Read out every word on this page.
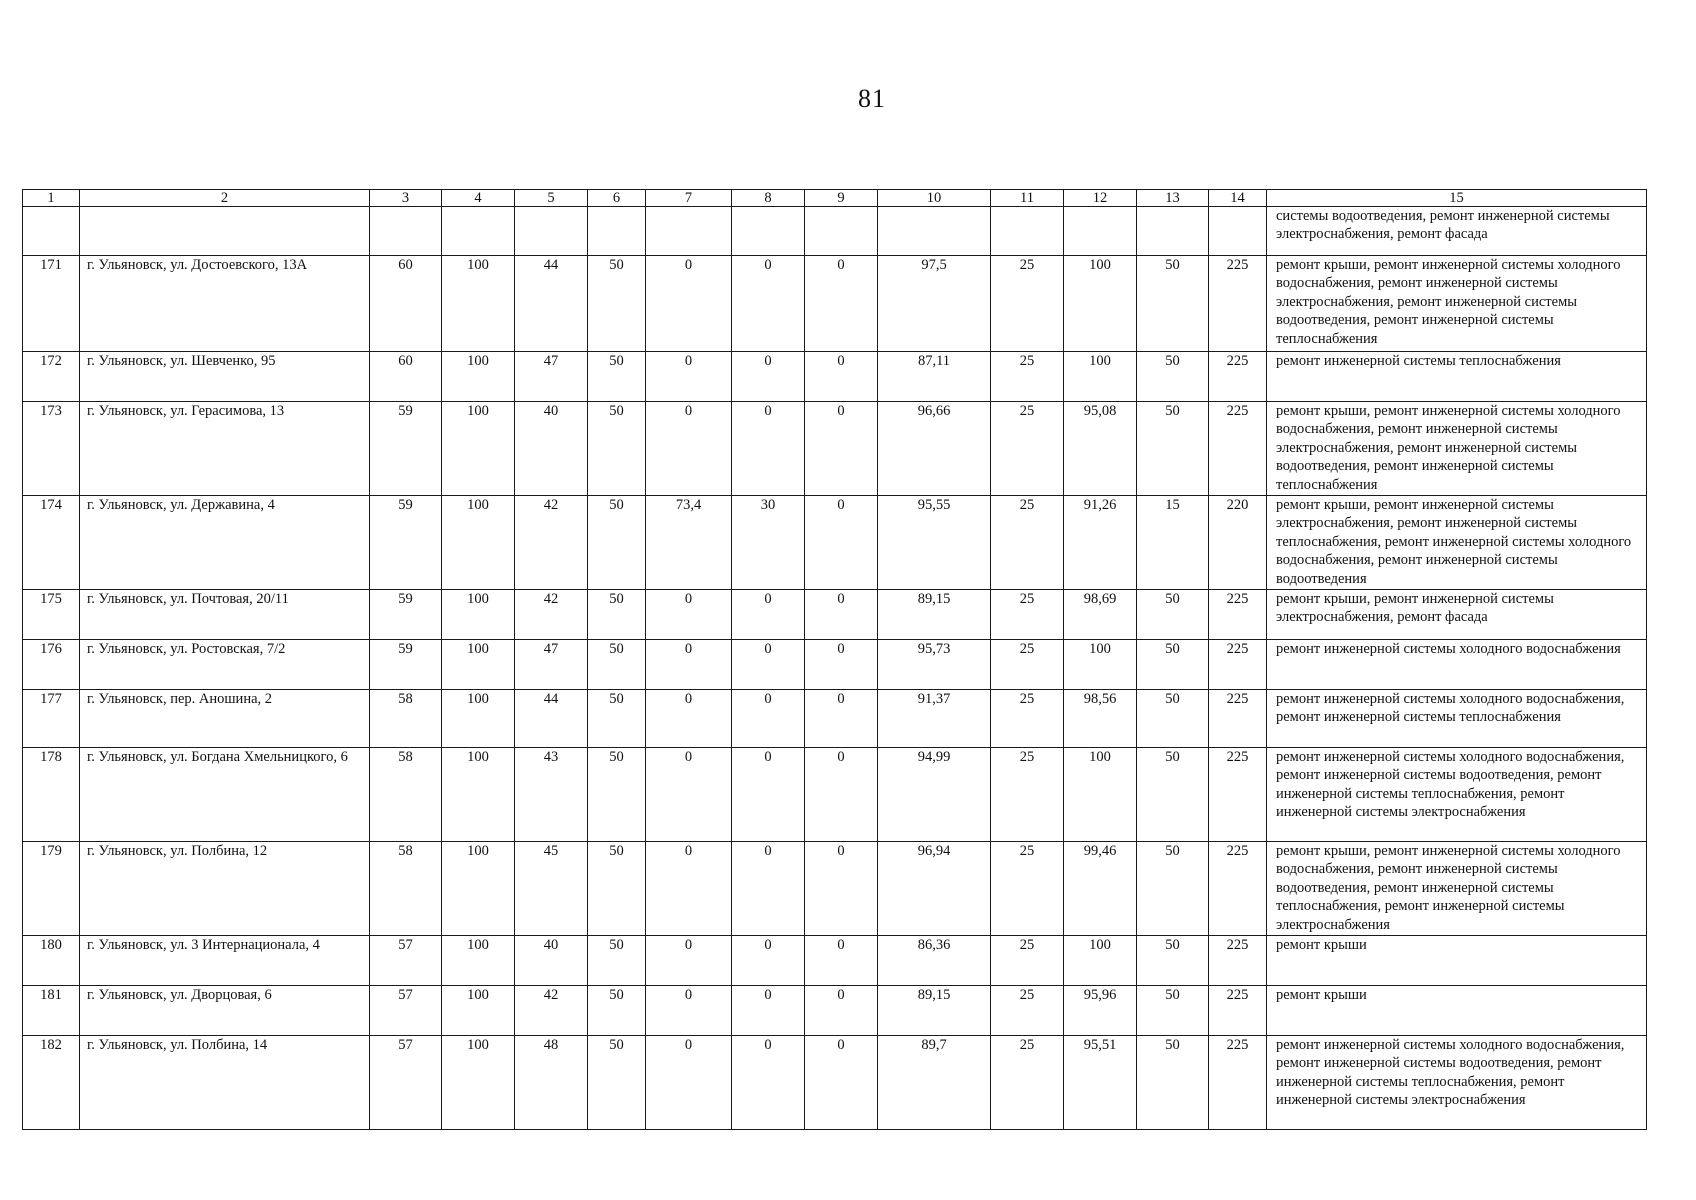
81
1	2	3	4	5	6	7	8	9	10	11	12	13	14	15
														системы водоотведения, ремонт инженерной системы электроснабжения, ремонт фасада
171	г. Ульяновск, ул. Достоевского, 13А	60	100	44	50	0	0	0	97,5	25	100	50	225	ремонт крыши, ремонт инженерной системы холодного водоснабжения, ремонт инженерной системы электроснабжения, ремонт инженерной системы водоотведения, ремонт инженерной системы теплоснабжения
172	г. Ульяновск, ул. Шевченко, 95	60	100	47	50	0	0	0	87,11	25	100	50	225	ремонт инженерной системы теплоснабжения
173	г. Ульяновск, ул. Герасимова, 13	59	100	40	50	0	0	0	96,66	25	95,08	50	225	ремонт крыши, ремонт инженерной системы холодного водоснабжения, ремонт инженерной системы электроснабжения, ремонт инженерной системы водоотведения, ремонт инженерной системы теплоснабжения
174	г. Ульяновск, ул. Державина, 4	59	100	42	50	73,4	30	0	95,55	25	91,26	15	220	ремонт крыши, ремонт инженерной системы электроснабжения, ремонт инженерной системы теплоснабжения, ремонт инженерной системы холодного водоснабжения, ремонт инженерной системы водоотведения
175	г. Ульяновск, ул. Почтовая, 20/11	59	100	42	50	0	0	0	89,15	25	98,69	50	225	ремонт крыши, ремонт инженерной системы электроснабжения, ремонт фасада
176	г. Ульяновск, ул. Ростовская, 7/2	59	100	47	50	0	0	0	95,73	25	100	50	225	ремонт инженерной системы холодного водоснабжения
177	г. Ульяновск, пер. Аношина, 2	58	100	44	50	0	0	0	91,37	25	98,56	50	225	ремонт инженерной системы холодного водоснабжения, ремонт инженерной системы теплоснабжения
178	г. Ульяновск, ул. Богдана Хмельницкого, 6	58	100	43	50	0	0	0	94,99	25	100	50	225	ремонт инженерной системы холодного водоснабжения, ремонт инженерной системы водоотведения, ремонт инженерной системы теплоснабжения, ремонт инженерной системы электроснабжения
179	г. Ульяновск, ул. Полбина, 12	58	100	45	50	0	0	0	96,94	25	99,46	50	225	ремонт крыши, ремонт инженерной системы холодного водоснабжения, ремонт инженерной системы водоотведения, ремонт инженерной системы теплоснабжения, ремонт инженерной системы электроснабжения
180	г. Ульяновск, ул. 3 Интернационала, 4	57	100	40	50	0	0	0	86,36	25	100	50	225	ремонт крыши
181	г. Ульяновск, ул. Дворцовая, 6	57	100	42	50	0	0	0	89,15	25	95,96	50	225	ремонт крыши
182	г. Ульяновск, ул. Полбина, 14	57	100	48	50	0	0	0	89,7	25	95,51	50	225	ремонт инженерной системы холодного водоснабжения, ремонт инженерной системы водоотведения, ремонт инженерной системы теплоснабжения, ремонт инженерной системы электроснабжения
